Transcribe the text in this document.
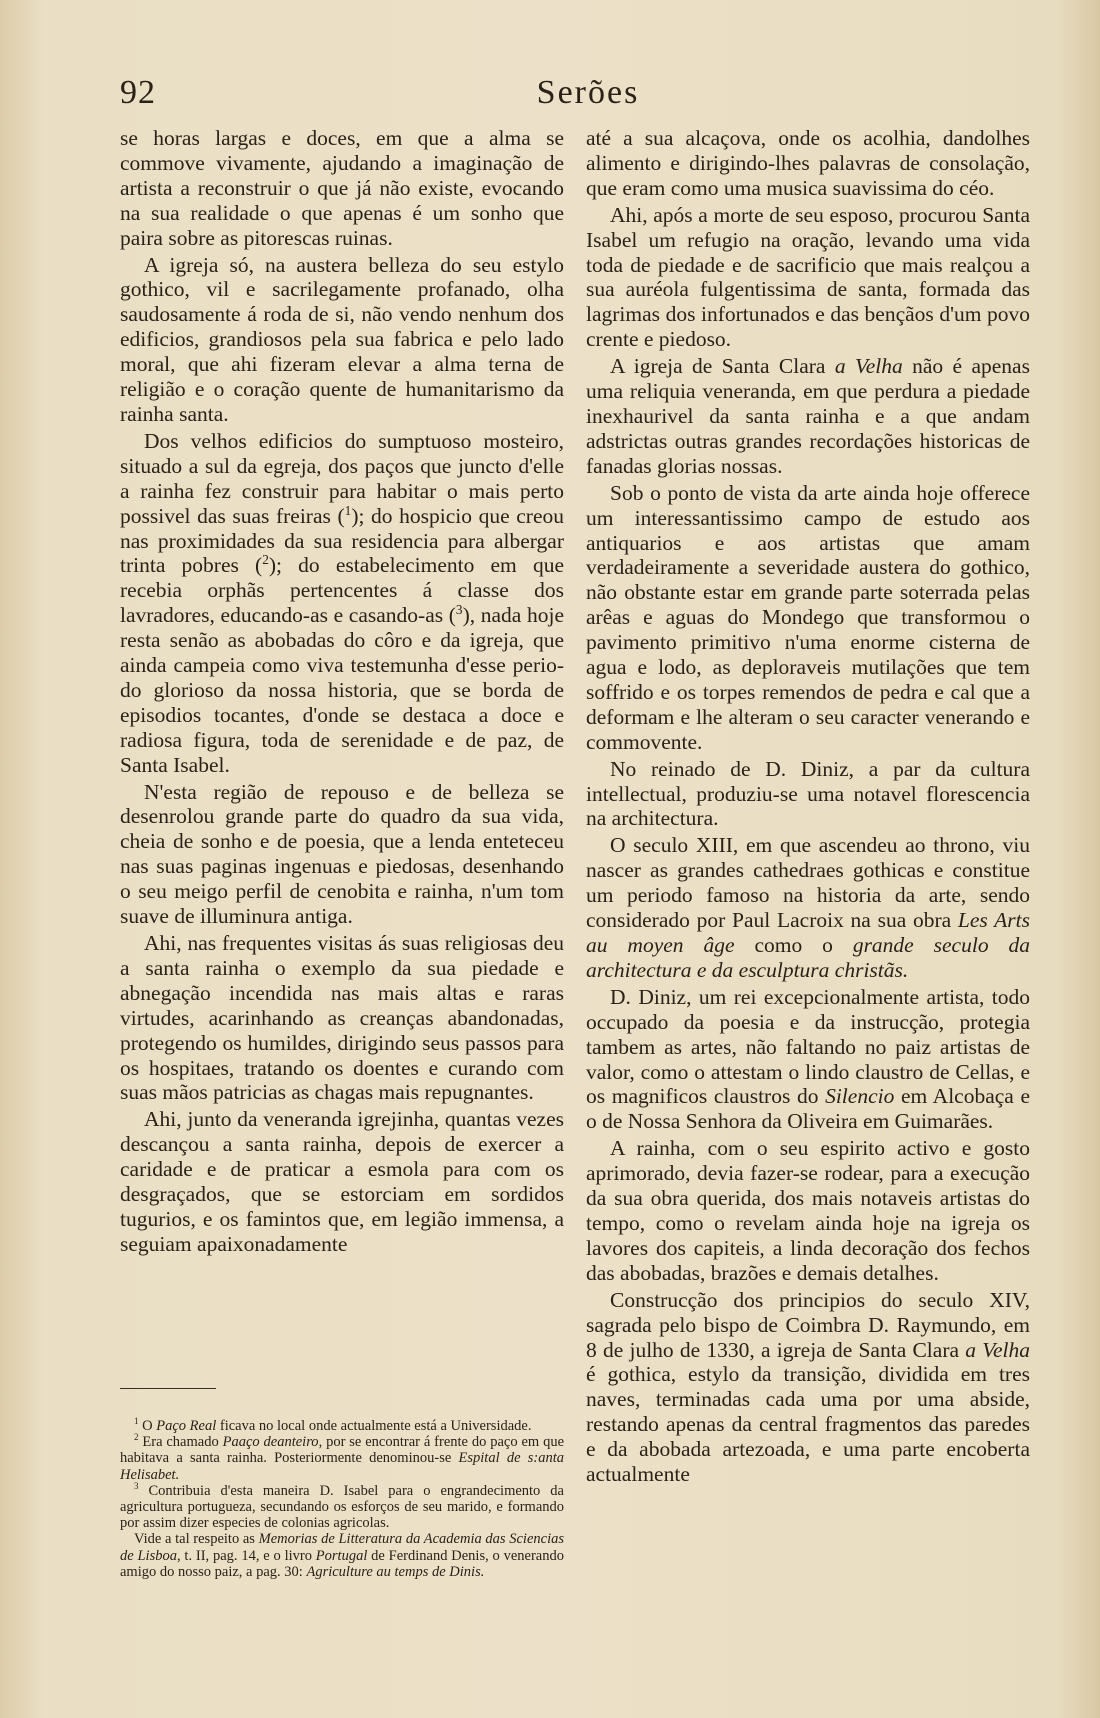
92	Serões

se horas largas e doces, em que a alma se commove vivamente, ajudando a imaginação de artista a reconstruir o que já não existe, evocando na sua realidade o que apenas é um sonho que paira sobre as pitorescas ruinas.

A igreja só, na austera belleza do seu estylo gothico, vil e sacrilegamente profanado, olha saudosamente á roda de si, não vendo nenhum dos edificios, grandiosos pela sua fabrica e pelo lado moral, que ahi fizeram elevar a alma terna de religião e o coração quente de humanitarismo da rainha santa.

Dos velhos edificios do sumptuoso mosteiro, situado a sul da egreja, dos paços que juncto d'elle a rainha fez construir para habitar o mais perto possivel das suas freiras ($^1$); do hospicio que creou nas proximidades da sua residencia para albergar trinta pobres ($^2$); do estabelecimento em que recebia orphãs pertencentes á classe dos lavradores, educando-as e casando-as ($^3$), nada hoje resta senão as abobadas do côro e da igreja, que ainda campeia como viva testemunha d'esse periodo glorioso da nossa historia, que se borda de episodios tocantes, d'onde se destaca a doce e radiosa figura, toda de serenidade e de paz, de Santa Isabel.

N'esta região de repouso e de belleza se desenrolou grande parte do quadro da sua vida, cheia de sonho e de poesia, que a lenda enteteceu nas suas paginas ingenuas e piedosas, desenhando o seu meigo perfil de cenobita e rainha, n'um tom suave de illuminura antiga.

Ahi, nas frequentes visitas ás suas religiosas deu a santa rainha o exemplo da sua piedade e abnegação incendida nas mais altas e raras virtudes, acarinhando as creanças abandonadas, protegendo os humildes, dirigindo seus passos para os hospitaes, tratando os doentes e curando com suas mãos patricias as chagas mais repugnantes.

Ahi, junto da veneranda igrejinha, quantas vezes descançou a santa rainha, depois de exercer a caridade e de praticar a esmola para com os desgraçados, que se estorciam em sordidos tugurios, e os famintos que, em legião immensa, a seguiam apaixonadamente

até a sua alcaçova, onde os acolhia, dandolhes alimento e dirigindo-lhes palavras de consolação, que eram como uma musica suavissima do céo.

Ahi, após a morte de seu esposo, procurou Santa Isabel um refugio na oração, levando uma vida toda de piedade e de sacrificio que mais realçou a sua auréola fulgentissima de santa, formada das lagrimas dos infortunados e das bençãos d'um povo crente e piedoso.

A igreja de Santa Clara a Velha não é apenas uma reliquia veneranda, em que perdura a piedade inexhaurivel da santa rainha e a que andam adstrictas outras grandes recordações historicas de fanadas glorias nossas.

Sob o ponto de vista da arte ainda hoje offerece um interessantissimo campo de estudo aos antiquarios e aos artistas que amam verdadeiramente a severidade austera do gothico, não obstante estar em grande parte soterrada pelas arêas e aguas do Mondego que transformou o pavimento primitivo n'uma enorme cisterna de agua e lodo, as deploraveis mutilações que tem soffrido e os torpes remendos de pedra e cal que a deformam e lhe alteram o seu caracter venerando e commovente.

No reinado de D. Diniz, a par da cultura intellectual, produziu-se uma notavel florescencia na architectura.

O seculo XIII, em que ascendeu ao throno, viu nascer as grandes cathedraes gothicas e constitue um periodo famoso na historia da arte, sendo considerado por Paul Lacroix na sua obra Les Arts au moyen âge como o grande seculo da architectura e da esculptura christãs.

D. Diniz, um rei excepcionalmente artista, todo occupado da poesia e da instrucção, protegia tambem as artes, não faltando no paiz artistas de valor, como o attestam o lindo claustro de Cellas, e os magnificos claustros do Silencio em Alcobaça e o de Nossa Senhora da Oliveira em Guimarães.

A rainha, com o seu espirito activo e gosto aprimorado, devia fazer-se rodear, para a execução da sua obra querida, dos mais notaveis artistas do tempo, como o revelam ainda hoje na igreja os lavores dos capiteis, a linda decoração dos fechos das abobadas, brazões e demais detalhes.

Construcção dos principios do seculo XIV, sagrada pelo bispo de Coimbra D. Raymundo, em 8 de julho de 1330, a igreja de Santa Clara a Velha é gothica, estylo da transição, dividida em tres naves, terminadas cada uma por uma abside, restando apenas da central fragmentos das paredes e da abobada artezoada, e uma parte encoberta actualmente

$^1$ O Paço Real ficava no local onde actualmente está a Universidade.

$^2$ Era chamado Paaço deanteiro, por se encontrar á frente do paço em que habitava a santa rainha. Posteriormente denominou-se Espital de s:anta Helisabet.

$^3$ Contribuia d'esta maneira D. Isabel para o engrandecimento da agricultura portugueza, secundando os esforços de seu marido, e formando por assim dizer especies de colonias agricolas.

Vide a tal respeito as Memorias de Litteratura da Academia das Sciencias de Lisboa, t. II, pag. 14, e o livro Portugal de Ferdinand Denis, o venerando amigo do nosso paiz, a pag. 30: Agriculture au temps de Dinis.
